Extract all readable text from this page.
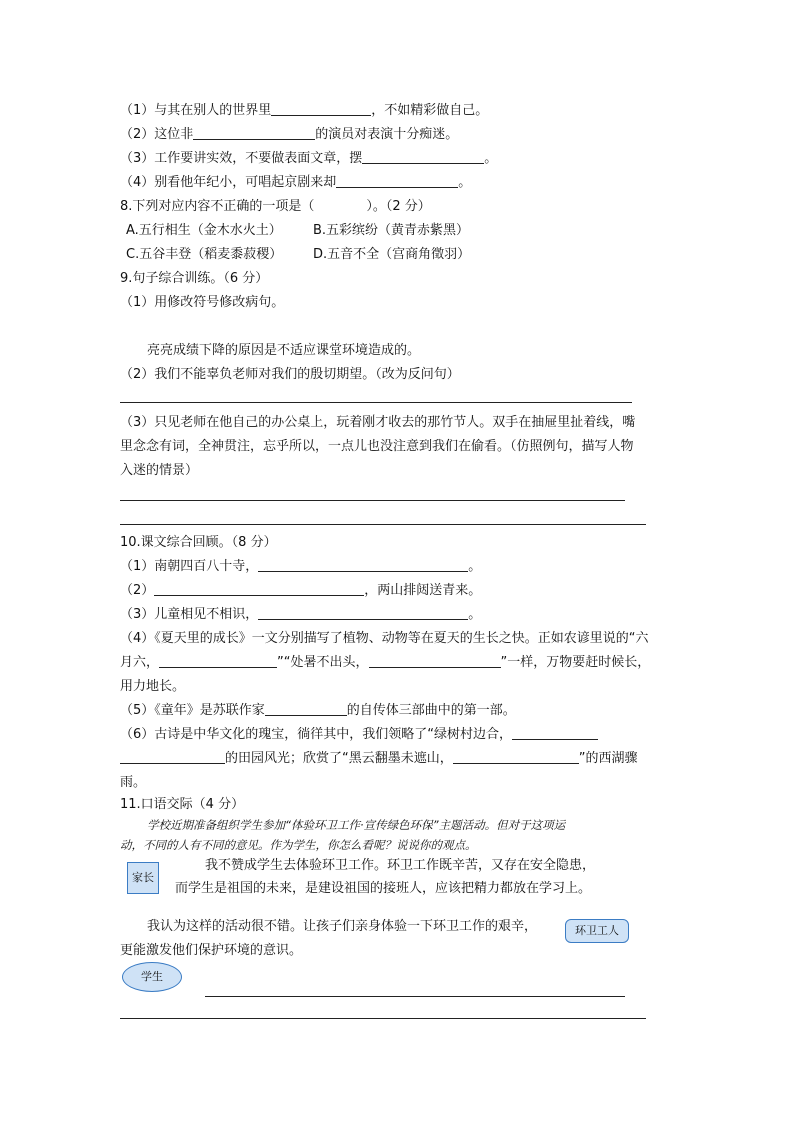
（1）与其在别人的世界里	，不如精彩做自己。
（2）这位非	的演员对表演十分痴迷。
（3）工作要讲实效，不要做表面文章，摆	。
（4）别看他年纪小，可唱起京剧来却	。
8.下列对应内容不正确的一项是（	）。（2 分）
A.五行相生（金木水火土） B.五彩缤纷（黄青赤紫黑）
C.五谷丰登（稻麦黍菽稷） D.五音不全（宫商角徵羽）
9.句子综合训练。（6 分）
（1）用修改符号修改病句。
亮亮成绩下降的原因是不适应课堂环境造成的。
（2）我们不能辜负老师对我们的殷切期望。（改为反问句）
（3）只见老师在他自己的办公桌上，玩着刚才收去的那竹节人。双手在抽屉里扯着线，嘴
里念念有词，全神贯注，忘乎所以，一点儿也没注意到我们在偷看。（仿照例句，描写人物
入迷的情景）
10.课文综合回顾。（8 分）
（1）南朝四百八十寺，	。
（2）	，两山排闼送青来。
（3）儿童相见不相识，	。
（4）《夏天里的成长》一文分别描写了植物、动物等在夏天的生长之快。正如农谚里说的“六
月六，	”“处暑不出头，	”一样，万物要赶时候长，
用力地长。
（5）《童年》是苏联作家	的自传体三部曲中的第一部。
（6）古诗是中华文化的瑰宝，徜徉其中，我们领略了“绿树村边合，
的田园风光；欣赏了“黑云翻墨未遮山，	”的西湖骤
雨。
11.口语交际（4 分）
学校近期准备组织学生参加“体验环卫工作·宣传绿色环保”主题活动。但对于这项运
动，不同的人有不同的意见。作为学生，你怎么看呢？说说你的观点。
家长
我不赞成学生去体验环卫工作。环卫工作既辛苦，又存在安全隐患，
而学生是祖国的未来，是建设祖国的接班人，应该把精力都放在学习上。
我认为这样的活动很不错。让孩子们亲身体验一下环卫工作的艰辛，
更能激发他们保护环境的意识。
环卫工人
学生
